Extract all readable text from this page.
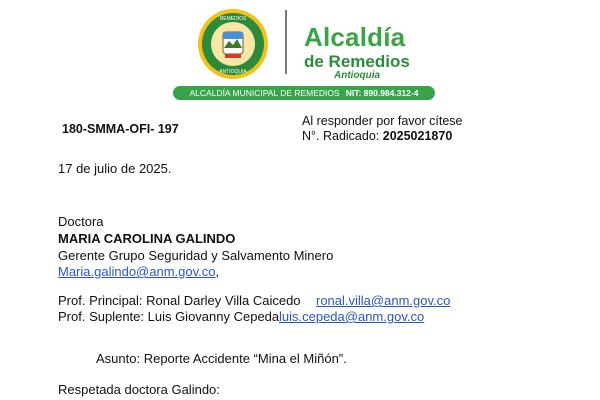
REMEDIOS
ANTIOQUIA
Alcaldía
de Remedios
Antioquia
ALCALDÍA MUNICIPAL DE REMEDIOS NIT: 890.984.312-4
180-SMMA-OFI- 197
Al responder por favor cítese
N°. Radicado: 2025021870
17 de julio de 2025.
Doctora
MARIA CAROLINA GALINDO
Gerente Grupo Seguridad y Salvamento Minero
Maria.galindo@anm.gov.co,
Prof. Principal: Ronal Darley Villa Caicedo ronal.villa@anm.gov.co
Prof. Suplente: Luis Giovanny Cepeda luis.cepeda@anm.gov.co
Asunto: Reporte Accidente “Mina el Miñón”.
Respetada doctora Galindo:
